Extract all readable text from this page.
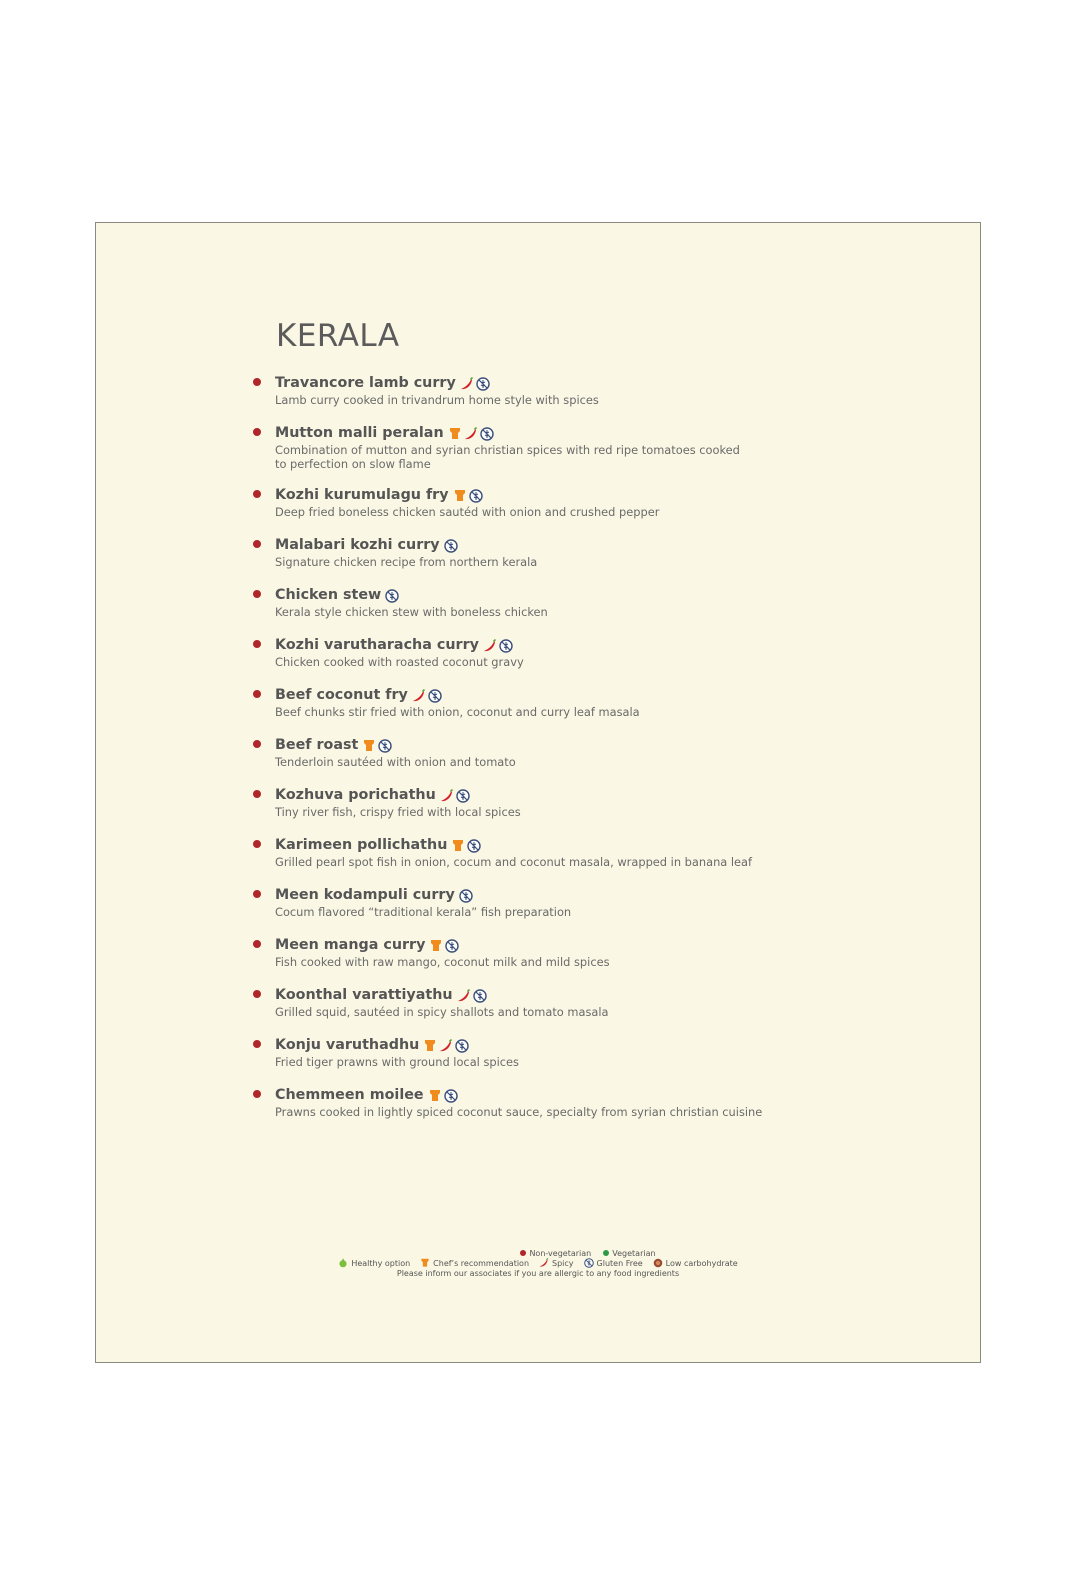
KERALA
Travancore lamb curry
Lamb curry cooked in trivandrum home style with spices
Mutton malli peralan
Combination of mutton and syrian christian spices with red ripe tomatoes cooked
to perfection on slow flame
Kozhi kurumulagu fry
Deep fried boneless chicken sautéd with onion and crushed pepper
Malabari kozhi curry
Signature chicken recipe from northern kerala
Chicken stew
Kerala style chicken stew with boneless chicken
Kozhi varutharacha curry
Chicken cooked with roasted coconut gravy
Beef coconut fry
Beef chunks stir fried with onion, coconut and curry leaf masala
Beef roast
Tenderloin sautéed with onion and tomato
Kozhuva porichathu
Tiny river fish, crispy fried with local spices
Karimeen pollichathu
Grilled pearl spot fish in onion, cocum and coconut masala, wrapped in banana leaf
Meen kodampuli curry
Cocum flavored “traditional kerala” fish preparation
Meen manga curry
Fish cooked with raw mango, coconut milk and mild spices
Koonthal varattiyathu
Grilled squid, sautéed in spicy shallots and tomato masala
Konju varuthadhu
Fried tiger prawns with ground local spices
Chemmeen moilee
Prawns cooked in lightly spiced coconut sauce, specialty from syrian christian cuisine
Non-vegetarian	Vegetarian
Healthy option	Chef’s recommendation	Spicy	Gluten Free	Low carbohydrate
Please inform our associates if you are allergic to any food ingredients
